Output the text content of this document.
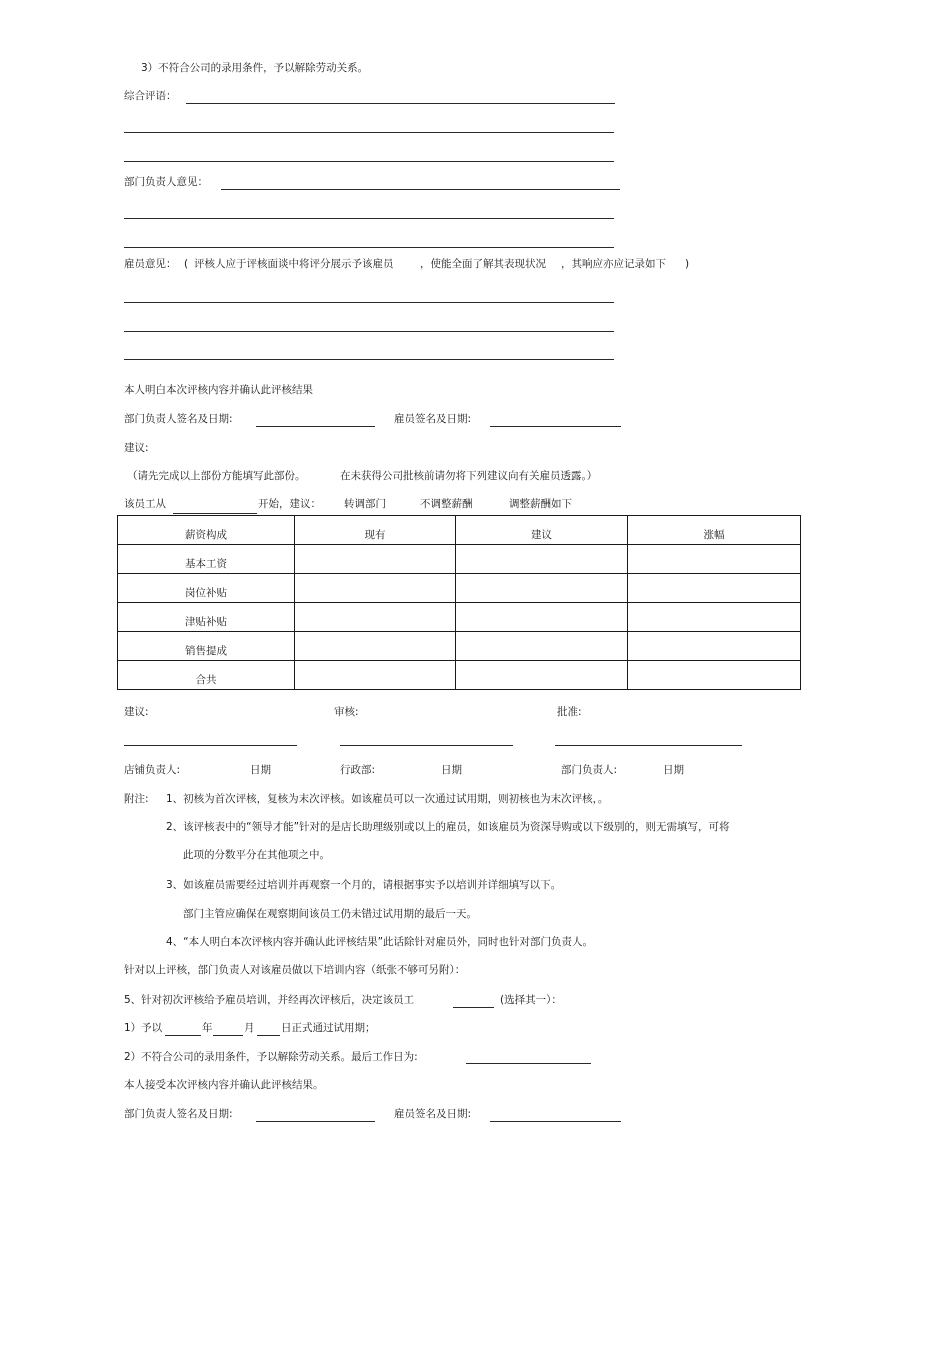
3）不符合公司的录用条件，予以解除劳动关系。
综合评语：
部门负责人意见：
雇员意见： ( 评核人应于评核面谈中将评分展示予该雇员	，使能全面了解其表现状况 ，其响应亦应记录如下 )
本人明白本次评核内容并确认此评核结果
部门负责人签名及日期:	雇员签名及日期:
建议:
（请先完成以上部份方能填写此部份。	在未获得公司批核前请勿将下列建议向有关雇员透露。）
该员工从	开始，建议： 转调部门	不调整薪酬	调整薪酬如下
薪资构成	现有	建议	涨幅
基本工资			
岗位补贴			
津贴补贴			
销售提成			
合共			
建议:	审核:	批准:
店铺负责人:	日期	行政部:	日期	部门负责人:	日期
附注: 1、初核为首次评核，复核为末次评核。如该雇员可以一次通过试用期，则初核也为末次评核，。
2、该评核表中的“领导才能”针对的是店长助理级别或以上的雇员，如该雇员为资深导购或以下级别的，则无需填写，可将
此项的分数平分在其他项之中。
3、如该雇员需要经过培训并再观察一个月的，请根据事实予以培训并详细填写以下。
部门主管应确保在观察期间该员工仍未错过试用期的最后一天。
4、“本人明白本次评核内容并确认此评核结果”此话除针对雇员外，同时也针对部门负责人。
针对以上评核，部门负责人对该雇员做以下培训内容（纸张不够可另附）：
5、针对初次评核给予雇员培训，并经再次评核后，决定该员工	(选择其一）：
1）予以	年	月	日正式通过试用期；
2）不符合公司的录用条件，予以解除劳动关系。最后工作日为:
本人接受本次评核内容并确认此评核结果。
部门负责人签名及日期:	雇员签名及日期:
